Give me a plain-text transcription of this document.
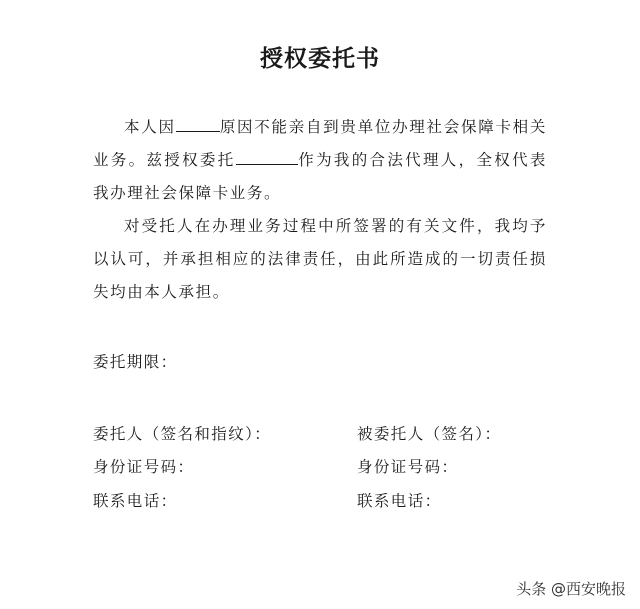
授权委托书

本人因	原因不能亲自到贵单位办理社会保障卡相关业务。兹授权委托	作为我的合法代理人，全权代表我办理社会保障卡业务。

对受托人在办理业务过程中所签署的有关文件，我均予以认可，并承担相应的法律责任，由此所造成的一切责任损失均由本人承担。

委托期限：
委托人（签名和指纹）：
身份证号码：
联系电话：
被委托人（签名）：
身份证号码：
联系电话：
头条 @西安晚报
